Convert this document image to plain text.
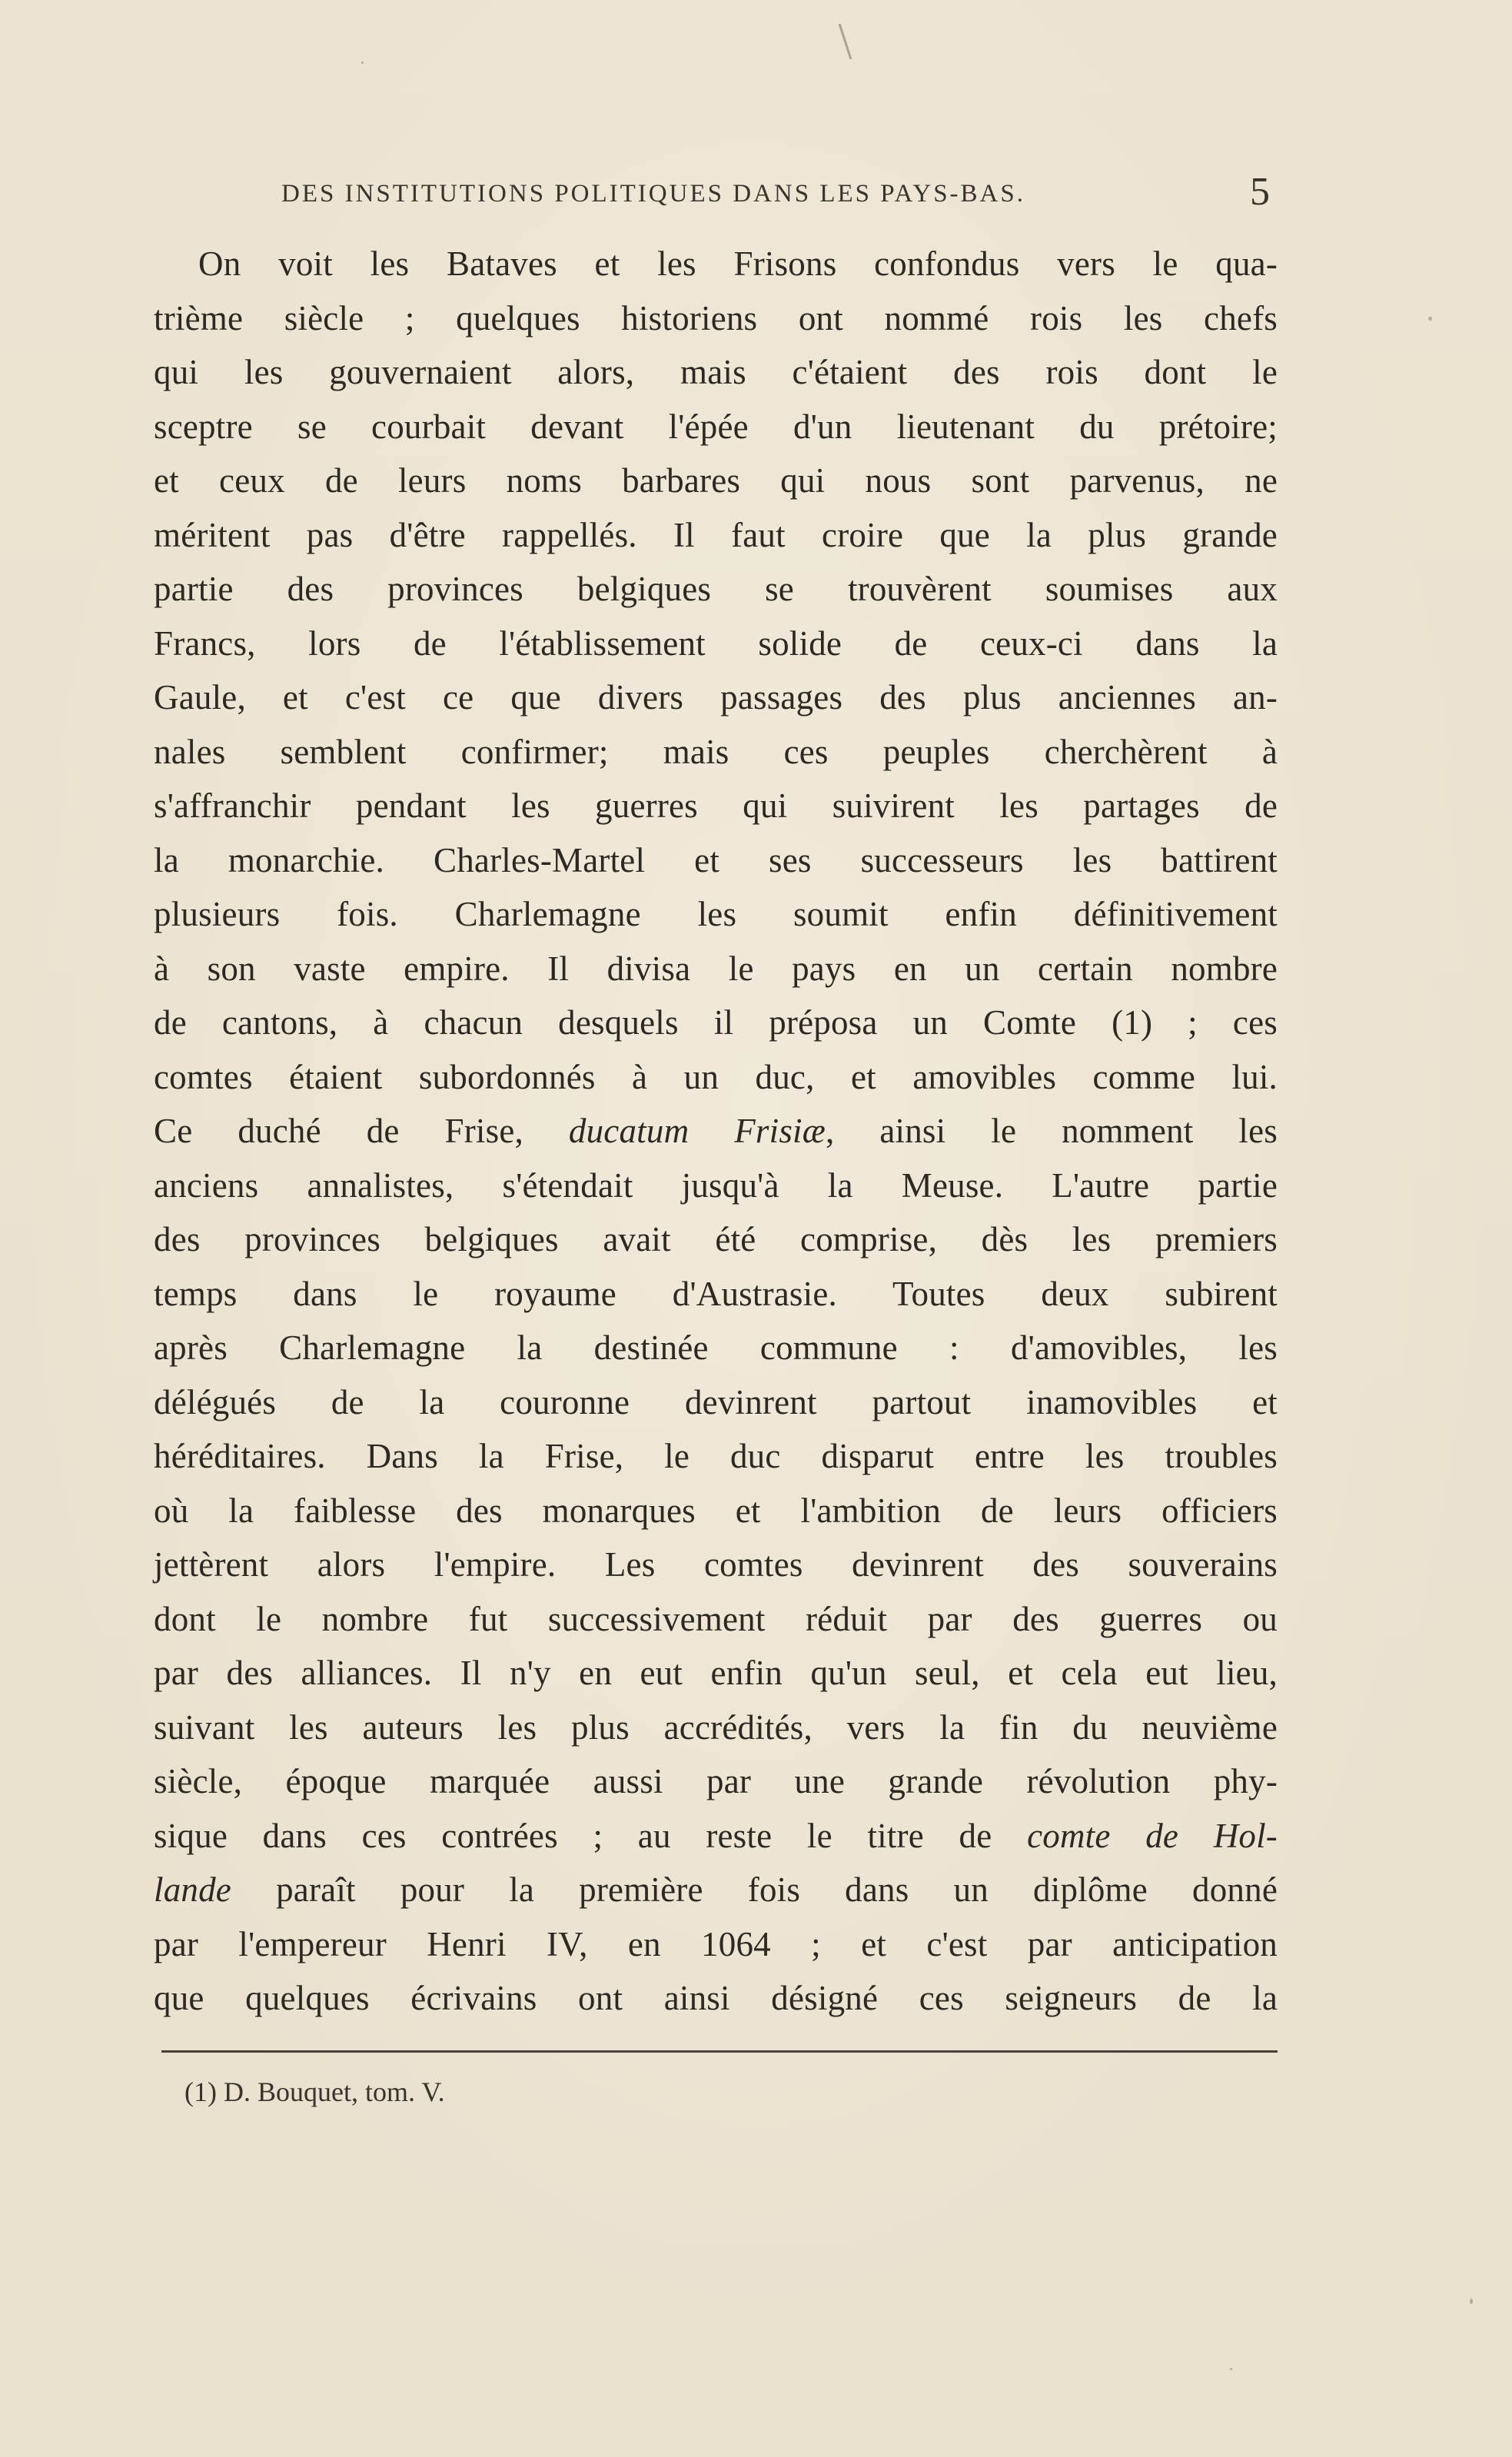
DES INSTITUTIONS POLITIQUES DANS LES PAYS-BAS.	5
On voit les Bataves et les Frisons confondus vers le qua-
trième siècle ; quelques historiens ont nommé rois les chefs
qui les gouvernaient alors, mais c'étaient des rois dont le
sceptre se courbait devant l'épée d'un lieutenant du prétoire;
et ceux de leurs noms barbares qui nous sont parvenus, ne
méritent pas d'être rappellés. Il faut croire que la plus grande
partie des provinces belgiques se trouvèrent soumises aux
Francs, lors de l'établissement solide de ceux-ci dans la
Gaule, et c'est ce que divers passages des plus anciennes an-
nales semblent confirmer; mais ces peuples cherchèrent à
s'affranchir pendant les guerres qui suivirent les partages de
la monarchie. Charles-Martel et ses successeurs les battirent
plusieurs fois. Charlemagne les soumit enfin définitivement
à son vaste empire. Il divisa le pays en un certain nombre
de cantons, à chacun desquels il préposa un Comte (1) ; ces
comtes étaient subordonnés à un duc, et amovibles comme lui.
Ce duché de Frise, ducatum Frisiæ, ainsi le nomment les
anciens annalistes, s'étendait jusqu'à la Meuse. L'autre partie
des provinces belgiques avait été comprise, dès les premiers
temps dans le royaume d'Austrasie. Toutes deux subirent
après Charlemagne la destinée commune : d'amovibles, les
délégués de la couronne devinrent partout inamovibles et
héréditaires. Dans la Frise, le duc disparut entre les troubles
où la faiblesse des monarques et l'ambition de leurs officiers
jettèrent alors l'empire. Les comtes devinrent des souverains
dont le nombre fut successivement réduit par des guerres ou
par des alliances. Il n'y en eut enfin qu'un seul, et cela eut lieu,
suivant les auteurs les plus accrédités, vers la fin du neuvième
siècle, époque marquée aussi par une grande révolution phy-
sique dans ces contrées ; au reste le titre de comte de Hol-
lande paraît pour la première fois dans un diplôme donné
par l'empereur Henri IV, en 1064 ; et c'est par anticipation
que quelques écrivains ont ainsi désigné ces seigneurs de la
(1) D. Bouquet, tom. V.
